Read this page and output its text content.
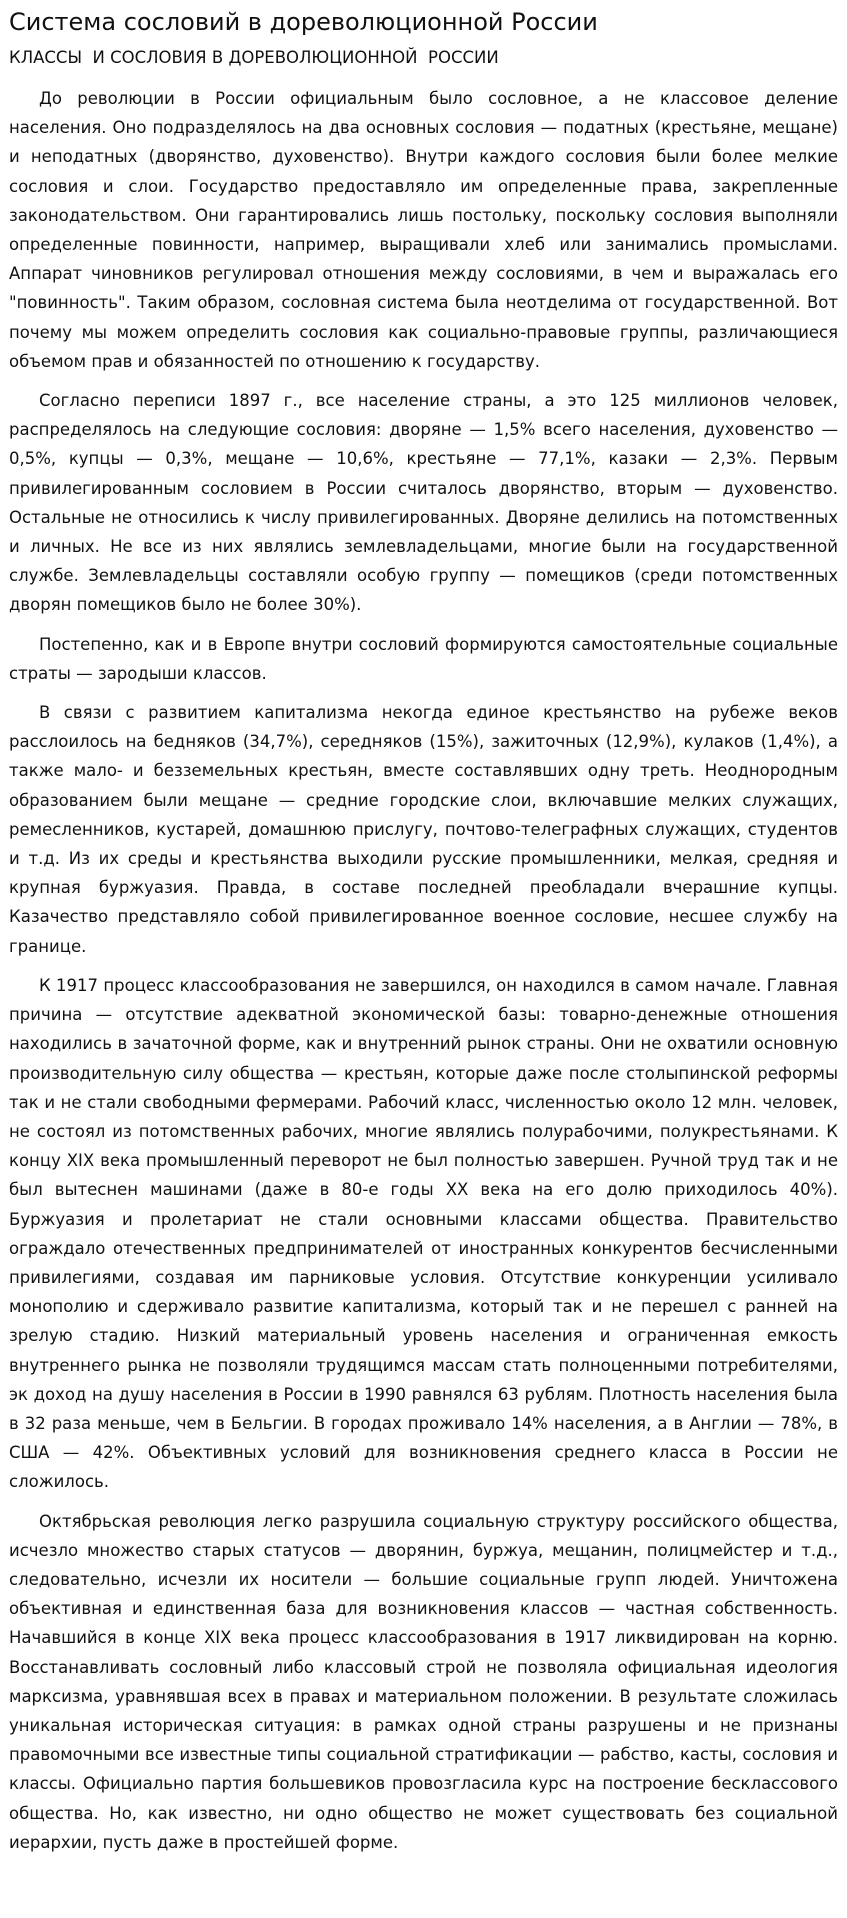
Система сословий в дореволюционной России
КЛАССЫ  И СОСЛОВИЯ В ДОРЕВОЛЮЦИОННОЙ  РОССИИ

До революции в России официальным было сословное, а не классовое деление населения. Оно подразделялось на два основных сословия — податных (крестьяне, мещане) и неподатных (дворянство, духовенство). Внутри каждого сословия были более мелкие сословия и слои. Государство предоставляло им определенные права, закрепленные законодательством. Они гарантировались лишь постольку, поскольку сословия выполняли определенные повинности, например, выращивали хлеб или занимались промыслами. Аппарат чиновников регулировал отношения между сословиями, в чем и выражалась его "повинность". Таким образом, сословная система была неотделима от государственной. Вот почему мы можем определить сословия как социально-правовые группы, различающиеся объемом прав и обязанностей по отношению к государству.

Согласно переписи 1897 г., все население страны, а это 125 миллионов человек, распределялось на следующие сословия: дворяне — 1,5% всего населения, духовенство — 0,5%, купцы — 0,3%, мещане — 10,6%, крестьяне — 77,1%, казаки — 2,3%. Первым привилегированным сословием в России считалось дворянство, вторым — духовенство. Остальные не относились к числу привилегированных. Дворяне делились на потомственных и личных. Не все из них являлись землевладельцами, многие были на государственной службе. Землевладельцы составляли особую группу — помещиков (среди потомственных дворян помещиков было не более 30%).

Постепенно, как и в Европе внутри сословий формируются самостоятельные социальные страты — зародыши классов.

В связи с развитием капитализма некогда единое крестьянство на рубеже веков расслоилось на бедняков (34,7%), середняков (15%), зажиточных (12,9%), кулаков (1,4%), а также мало- и безземельных крестьян, вместе составлявших одну треть. Неоднородным образованием были мещане — средние городские слои, включавшие мелких служащих, ремесленников, кустарей, домашнюю прислугу, почтово-телеграфных служащих, студентов и т.д. Из их среды и крестьянства выходили русские промышленники, мелкая, средняя и крупная буржуазия. Правда, в составе последней преобладали вчерашние купцы. Казачество представляло собой привилегированное военное сословие, несшее службу на границе.

К 1917 процесс классообразования не завершился, он находился в самом начале. Главная причина — отсутствие адекватной экономической базы: товарно-денежные отношения находились в зачаточной форме, как и внутренний рынок страны. Они не охватили основную производительную силу общества — крестьян, которые даже после столыпинской реформы так и не стали свободными фермерами. Рабочий класс, численностью около 12 млн. человек, не состоял из потомственных рабочих, многие являлись полурабочими, полукрестьянами. К концу XIX века промышленный переворот не был полностью завершен. Ручной труд так и не был вытеснен машинами (даже в 80-е годы XX века на его долю приходилось 40%). Буржуазия и пролетариат не стали основными классами общества. Правительство ограждало отечественных предпринимателей от иностранных конкурентов бесчисленными привилегиями, создавая им парниковые условия. Отсутствие конкуренции усиливало монополию и сдерживало развитие капитализма, который так и не перешел с ранней на зрелую стадию. Низкий материальный уровень населения и ограниченная емкость внутреннего рынка не позволяли трудящимся массам стать полноценными потребителями, эк доход на душу населения в России в 1990 равнялся 63 рублям. Плотность населения была в 32 раза меньше, чем в Бельгии. В городах проживало 14% населения, а в Англии — 78%, в США — 42%. Объективных условий для возникновения среднего класса в России не сложилось.

Октябрьская революция легко разрушила социальную структуру российского общества, исчезло множество старых статусов — дворянин, буржуа, мещанин, полицмейстер и т.д., следовательно, исчезли их носители — большие социальные групп людей. Уничтожена объективная и единственная база для возникновения классов — частная собственность. Начавшийся в конце XIX века процесс классообразования в 1917 ликвидирован на корню. Восстанавливать сословный либо классовый строй не позволяла официальная идеология марксизма, уравнявшая всех в правах и материальном положении. В результате сложилась уникальная историческая ситуация: в рамках одной страны разрушены и не признаны правомочными все известные типы социальной стратификации — рабство, касты, сословия и классы. Официально партия большевиков провозгласила курс на построение бесклассового общества. Но, как известно, ни одно общество не может существовать без социальной иерархии, пусть даже в простейшей форме.
